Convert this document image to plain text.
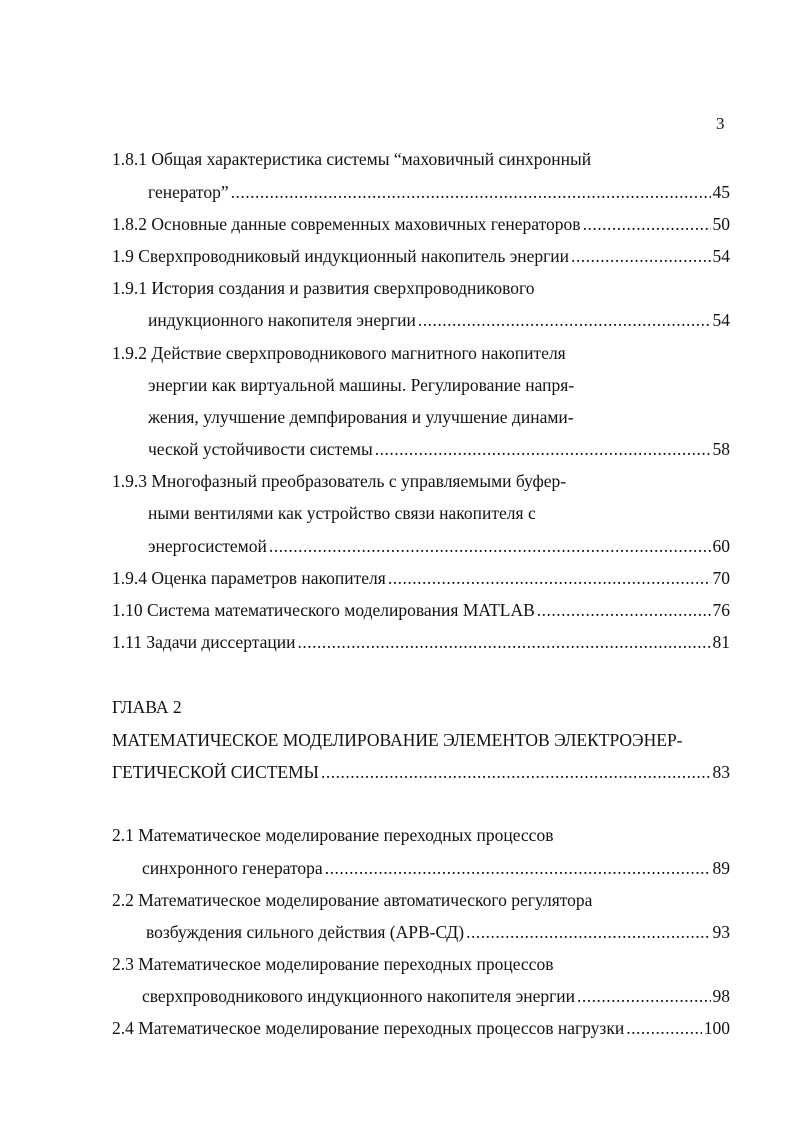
3
1.8.1 Общая характеристика системы “маховичный синхронный
генератор” .....	45
1.8.2 Основные данные современных маховичных генераторов .....	50
1.9 Сверхпроводниковый индукционный накопитель энергии .....	54
1.9.1 История создания и развития сверхпроводникового
индукционного накопителя энергии .....	54
1.9.2 Действие сверхпроводникового магнитного накопителя
энергии как виртуальной машины. Регулирование напря-
жения, улучшение демпфирования и улучшение динами-
ческой устойчивости системы .....	58
1.9.3 Многофазный преобразователь с управляемыми буфер-
ными вентилями как устройство связи накопителя с
энергосистемой .....	60
1.9.4 Оценка параметров накопителя .....	70
1.10 Система математического моделирования MATLAB .....	76
1.11 Задачи диссертации .....	81
ГЛАВА 2
МАТЕМАТИЧЕСКОЕ МОДЕЛИРОВАНИЕ ЭЛЕМЕНТОВ ЭЛЕКТРОЭНЕР-
ГЕТИЧЕСКОЙ СИСТЕМЫ .....	83
2.1 Математическое моделирование переходных процессов
синхронного генератора .....	89
2.2 Математическое моделирование автоматического регулятора
возбуждения сильного действия (АРВ-СД) .....	93
2.3 Математическое моделирование переходных процессов
сверхпроводникового индукционного накопителя энергии .....	98
2.4 Математическое моделирование переходных процессов нагрузки .....	100
